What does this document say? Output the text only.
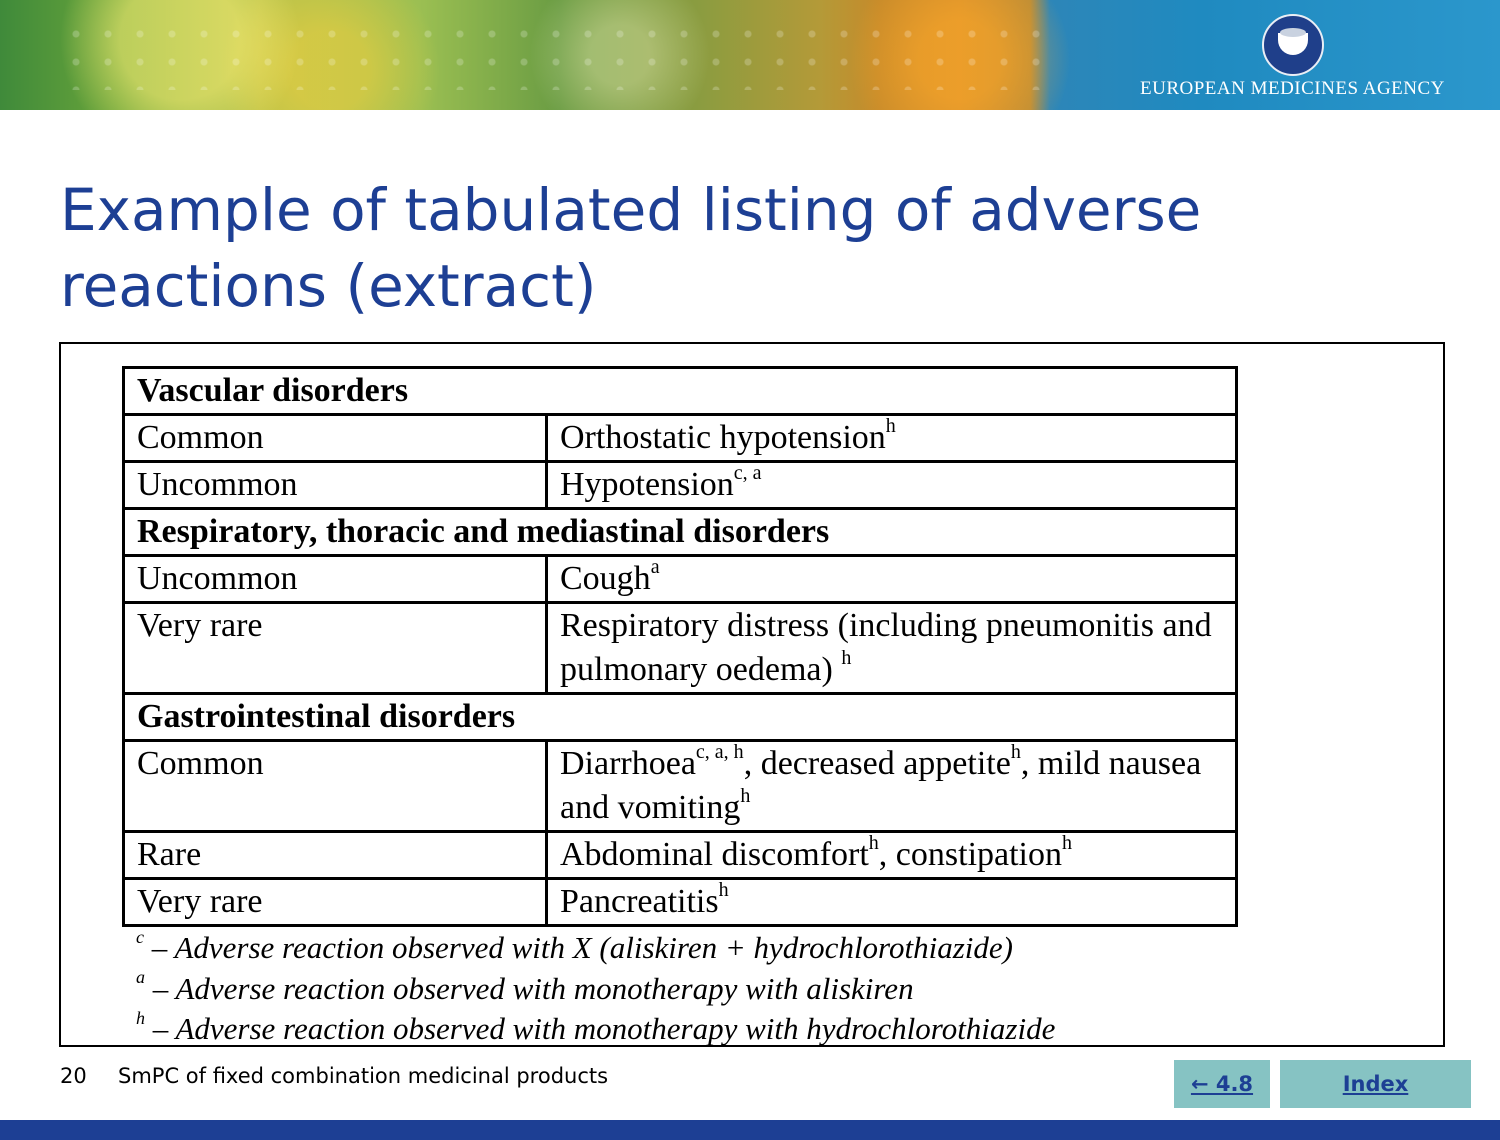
EUROPEAN MEDICINES AGENCY
Example of tabulated listing of adverse reactions (extract)
Vascular disorders	
Common	Orthostatic hypotension$^h$
Uncommon	Hypotension$^{c, a}$
Respiratory, thoracic and mediastinal disorders	
Uncommon	Cough$^a$
Very rare	Respiratory distress (including pneumonitis and pulmonary oedema) $^h$
Gastrointestinal disorders	
Common	Diarrhoea$^{c, a, h}$, decreased appetite$^h$, mild nausea and vomiting$^h$
Rare	Abdominal discomfort$^h$, constipation$^h$
Very rare	Pancreatitis$^h$
$^c$ – Adverse reaction observed with X (aliskiren + hydrochlorothiazide)
$^a$ – Adverse reaction observed with monotherapy with aliskiren
$^h$ – Adverse reaction observed with monotherapy with hydrochlorothiazide
20 SmPC of fixed combination medicinal products	← 4.8	Index
